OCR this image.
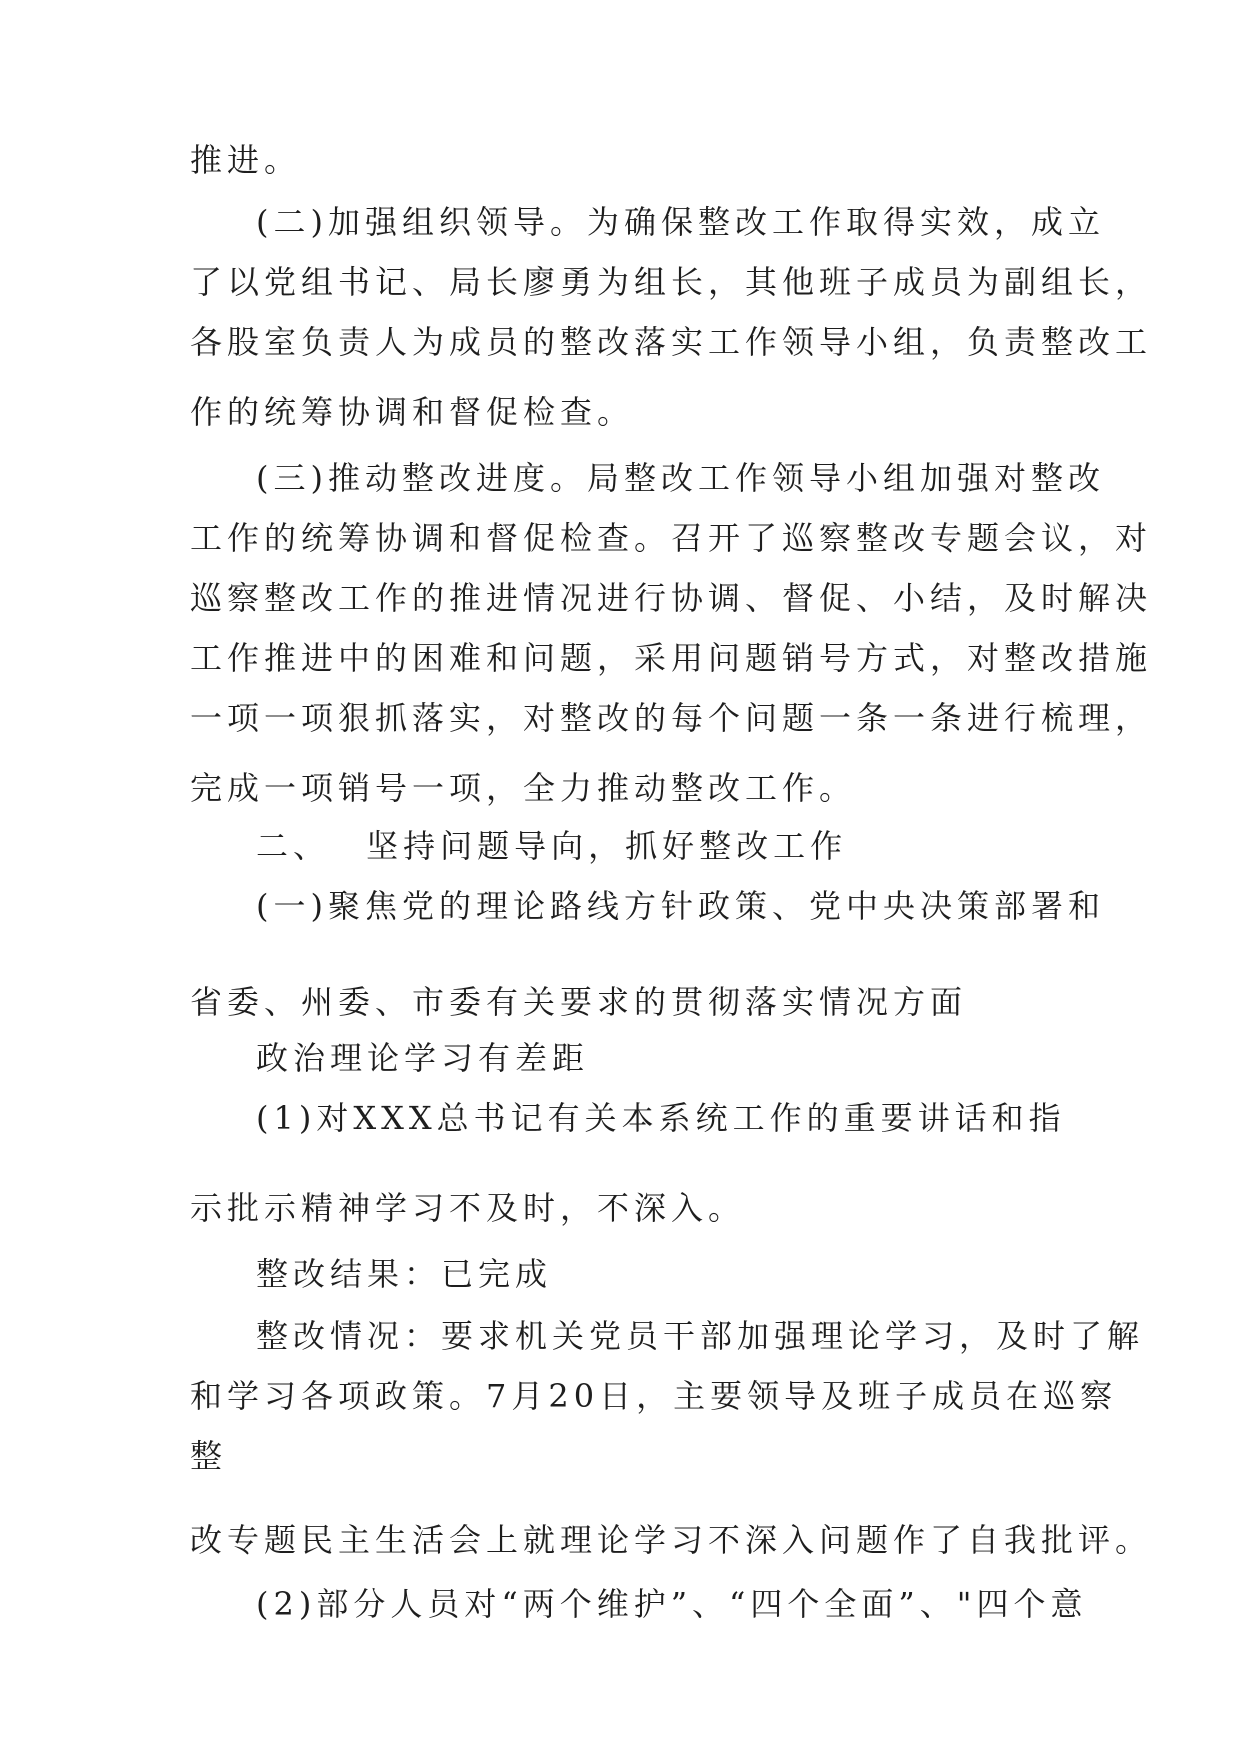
推进。
(二)加强组织领导。为确保整改工作取得实效，成立
了以党组书记、局长廖勇为组长，其他班子成员为副组长，
各股室负责人为成员的整改落实工作领导小组，负责整改工
作的统筹协调和督促检查。
(三)推动整改进度。局整改工作领导小组加强对整改
工作的统筹协调和督促检查。召开了巡察整改专题会议，对
巡察整改工作的推进情况进行协调、督促、小结，及时解决
工作推进中的困难和问题，采用问题销号方式，对整改措施
一项一项狠抓落实，对整改的每个问题一条一条进行梳理，
完成一项销号一项，全力推动整改工作。
二、　 坚持问题导向，抓好整改工作
(一)聚焦党的理论路线方针政策、党中央决策部署和
省委、州委、市委有关要求的贯彻落实情况方面
政治理论学习有差距
(1)对XXX总书记有关本系统工作的重要讲话和指
示批示精神学习不及时，不深入。
整改结果：已完成
整改情况：要求机关党员干部加强理论学习，及时了解
和学习各项政策。7月20日，主要领导及班子成员在巡察
整
改专题民主生活会上就理论学习不深入问题作了自我批评。
(2)部分人员对“两个维护”、“四个全面”、"四个意
